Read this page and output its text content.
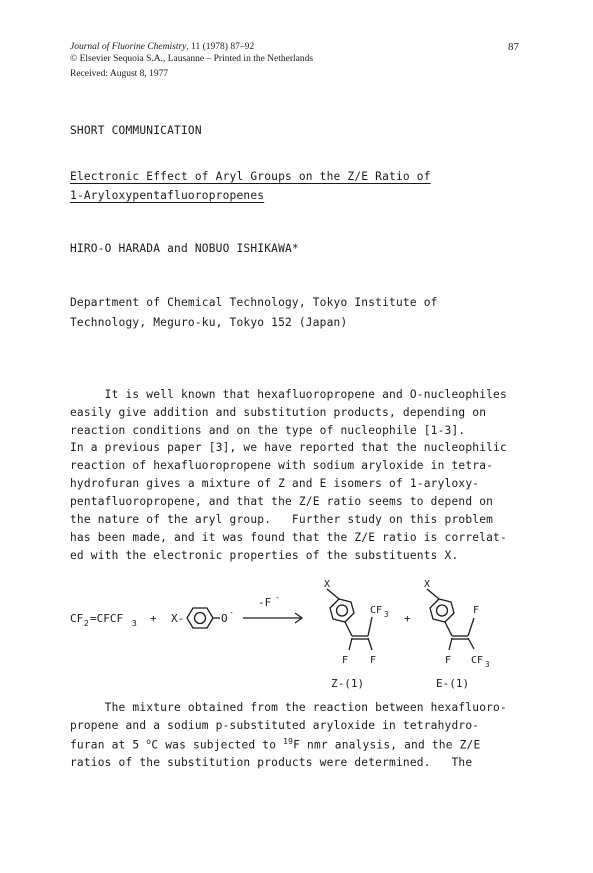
Journal of Fluorine Chemistry, 11 (1978) 87–92
© Elsevier Sequoia S.A., Lausanne – Printed in the Netherlands
Received: August 8, 1977
87
SHORT COMMUNICATION
Electronic Effect of Aryl Groups on the Z/E Ratio of
1-Aryloxypentafluoropropenes
HIRO-O HARADA and NOBUO ISHIKAWA*
Department of Chemical Technology, Tokyo Institute of
Technology, Meguro-ku, Tokyo 152 (Japan)
It is well known that hexafluoropropene and O-nucleophiles
easily give addition and substitution products, depending on
reaction conditions and on the type of nucleophile [1-3].
In a previous paper [3], we have reported that the nucleophilic
reaction of hexafluoropropene with sodium aryloxide in tetra-
hydrofuran gives a mixture of Z and E isomers of 1-aryloxy-
pentafluoropropene, and that the Z/E ratio seems to depend on
the nature of the aryl group.   Further study on this problem
has been made, and it was found that the Z/E ratio is correlat-
ed with the electronic properties of the substituents X.
CF 2 =CFCF 3 + X-	O -
-F -
X
CF 3
F F
Z-(1)
+
X
F
F CF 3
E-(1)
The mixture obtained from the reaction between hexafluoro-
propene and a sodium p-substituted aryloxide in tetrahydro-
furan at 5 $^o$C was subjected to $^{19}$F nmr analysis, and the Z/E
ratios of the substitution products were determined.   The
